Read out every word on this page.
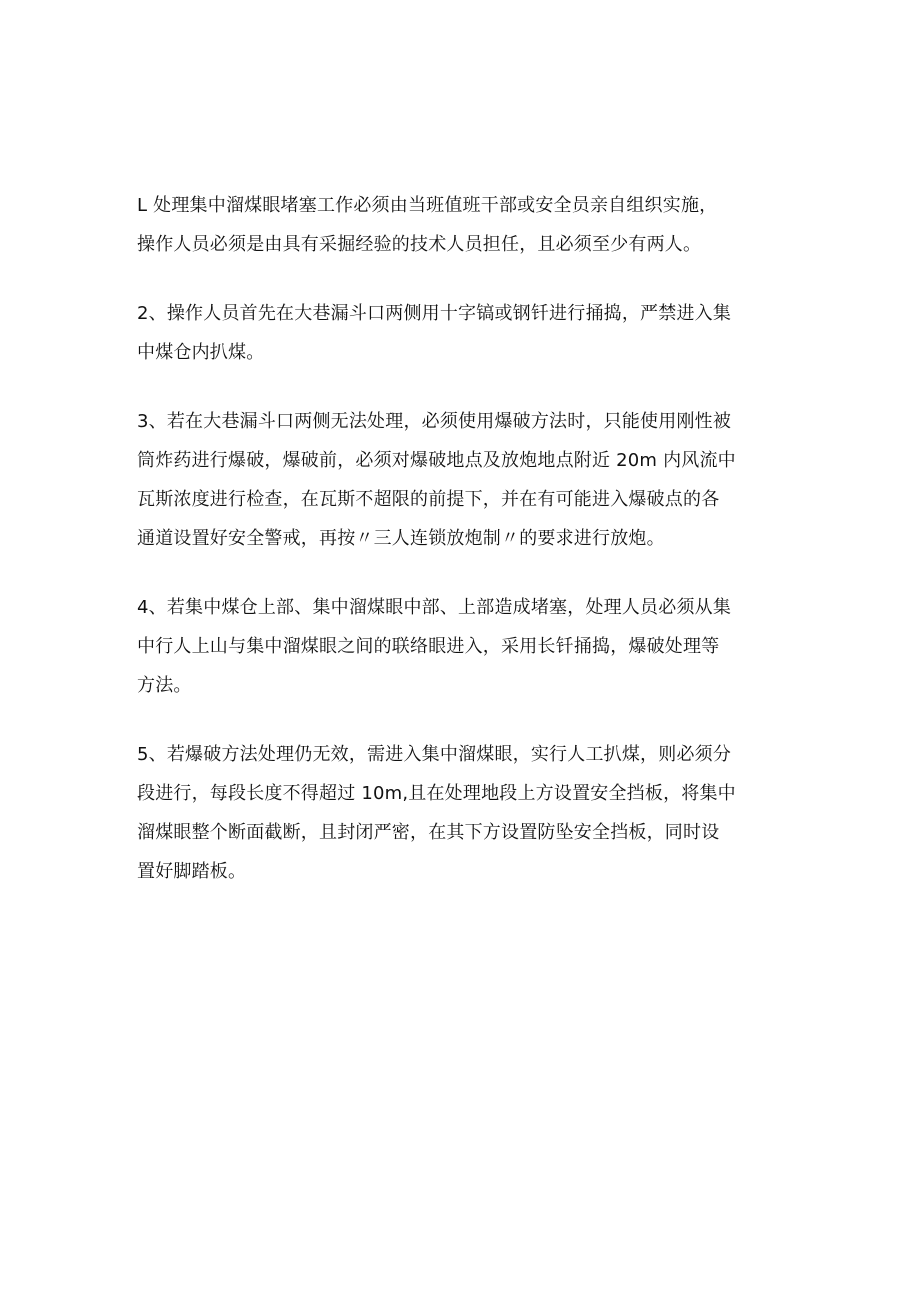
L 处理集中溜煤眼堵塞工作必须由当班值班干部或安全员亲自组织实施，
操作人员必须是由具有采掘经验的技术人员担任，且必须至少有两人。

2、操作人员首先在大巷漏斗口两侧用十字镐或钢钎进行捅捣，严禁进入集
中煤仓内扒煤。

3、若在大巷漏斗口两侧无法处理，必须使用爆破方法时，只能使用刚性被
筒炸药进行爆破，爆破前，必须对爆破地点及放炮地点附近 20m 内风流中
瓦斯浓度进行检查，在瓦斯不超限的前提下，并在有可能进入爆破点的各
通道设置好安全警戒，再按〃三人连锁放炮制〃的要求进行放炮。

4、若集中煤仓上部、集中溜煤眼中部、上部造成堵塞，处理人员必须从集
中行人上山与集中溜煤眼之间的联络眼进入，采用长钎捅捣，爆破处理等
方法。

5、若爆破方法处理仍无效，需进入集中溜煤眼，实行人工扒煤，则必须分
段进行，每段长度不得超过 10m,且在处理地段上方设置安全挡板，将集中
溜煤眼整个断面截断，且封闭严密，在其下方设置防坠安全挡板，同时设
置好脚踏板。
